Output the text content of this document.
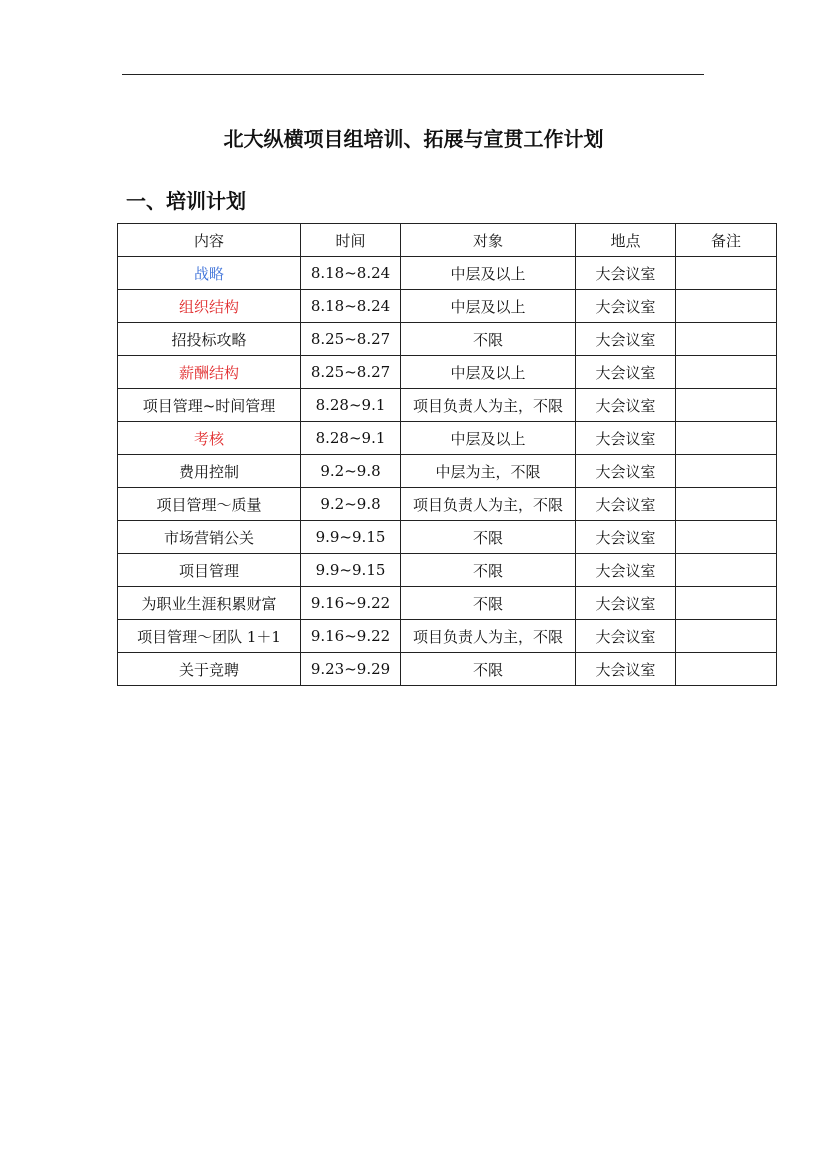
北大纵横项目组培训、拓展与宣贯工作计划
一、培训计划
内容	时间	对象	地点	备注
战略	8.18~8.24	中层及以上	大会议室	
组织结构	8.18~8.24	中层及以上	大会议室	
招投标攻略	8.25~8.27	不限	大会议室	
薪酬结构	8.25~8.27	中层及以上	大会议室	
项目管理~时间管理	8.28~9.1	项目负责人为主，不限	大会议室	
考核	8.28~9.1	中层及以上	大会议室	
费用控制	9.2~9.8	中层为主，不限	大会议室	
项目管理～质量	9.2~9.8	项目负责人为主，不限	大会议室	
市场营销公关	9.9~9.15	不限	大会议室	
项目管理	9.9~9.15	不限	大会议室	
为职业生涯积累财富	9.16~9.22	不限	大会议室	
项目管理～团队 1＋1	9.16~9.22	项目负责人为主，不限	大会议室	
关于竞聘	9.23~9.29	不限	大会议室	
